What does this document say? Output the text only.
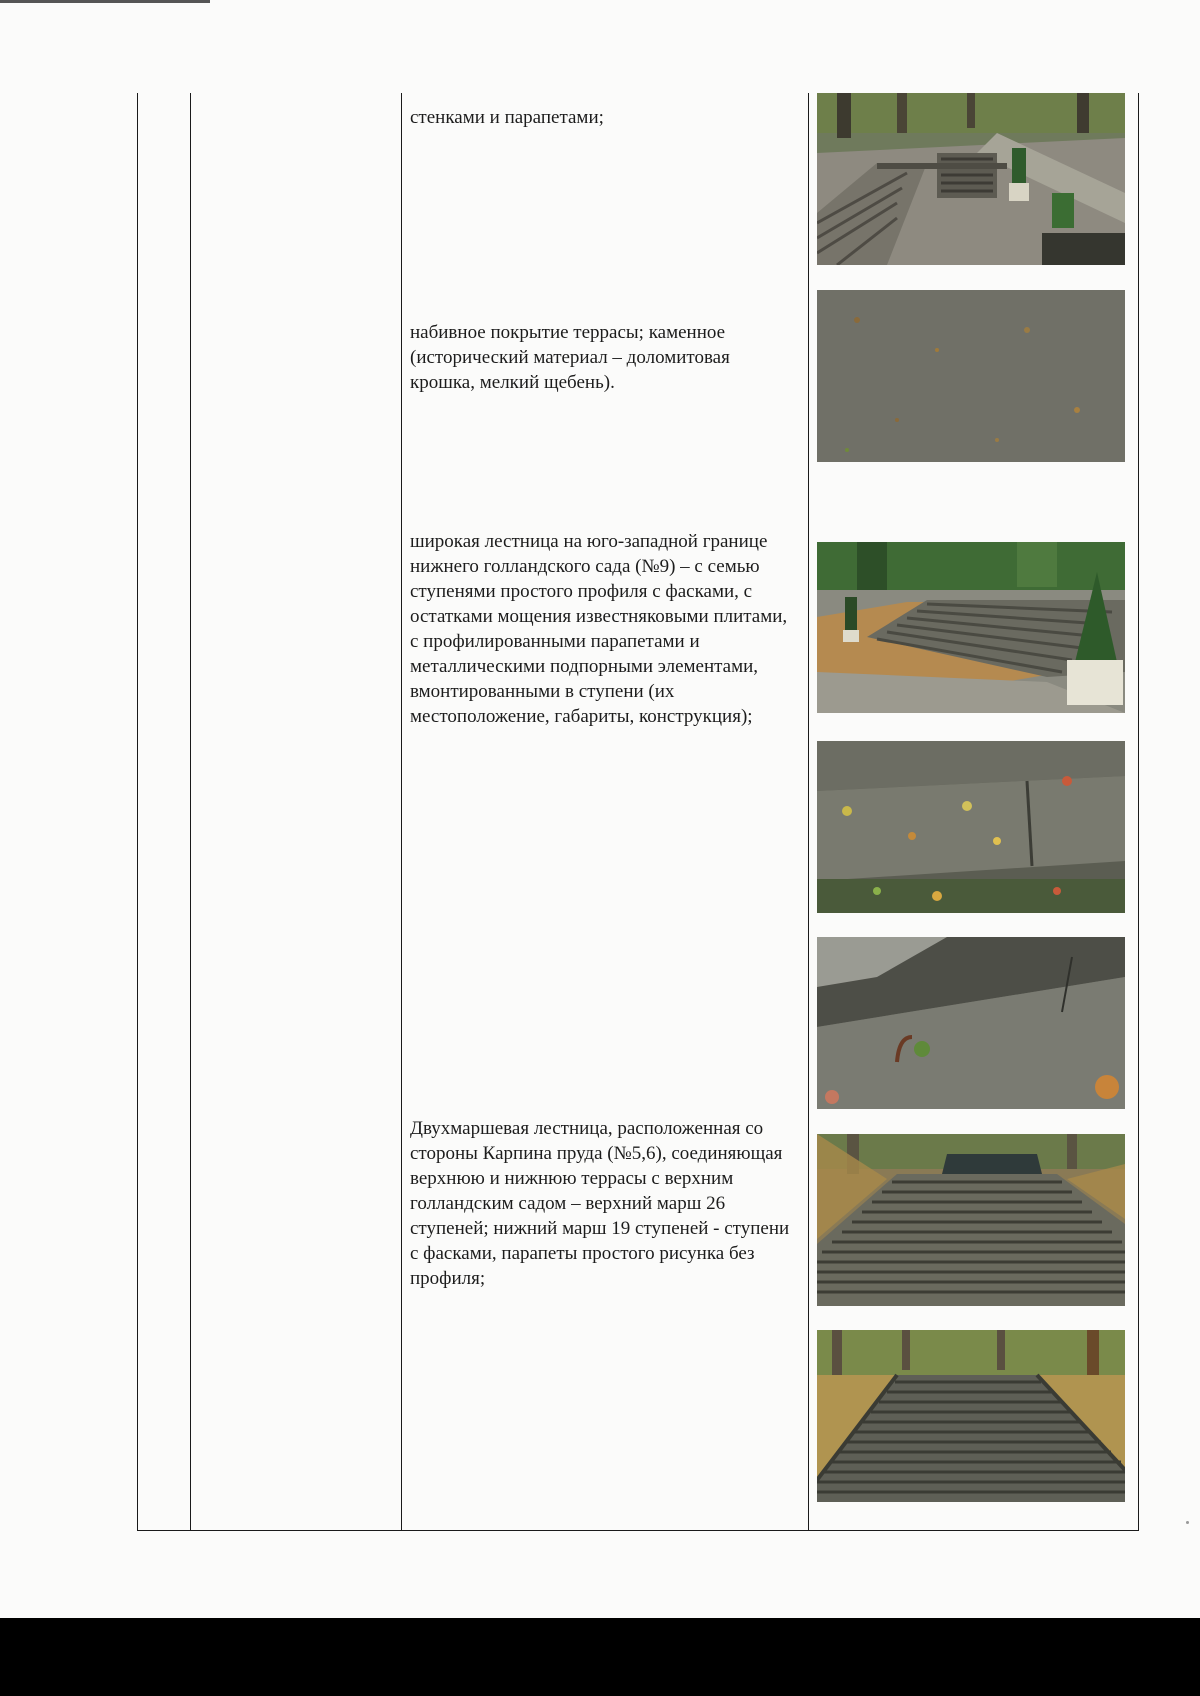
стенками и парапетами;

набивное покрытие террасы; каменное (исторический материал – доломитовая крошка, мелкий щебень).

широкая лестница на юго-западной границе нижнего голландского сада (№9) – с семью ступенями простого профиля с фасками, с остатками мощения известняковыми плитами, с профилированными парапетами и металлическими подпорными элементами, вмонтированными в ступени (их местоположение, габариты, конструкция);

Двухмаршевая лестница, расположенная со стороны Карпина пруда (№5,6), соединяющая верхнюю и нижнюю террасы с верхним голландским садом – верхний марш 26 ступеней; нижний марш 19 ступеней - ступени с фасками, парапеты простого рисунка без профиля;
